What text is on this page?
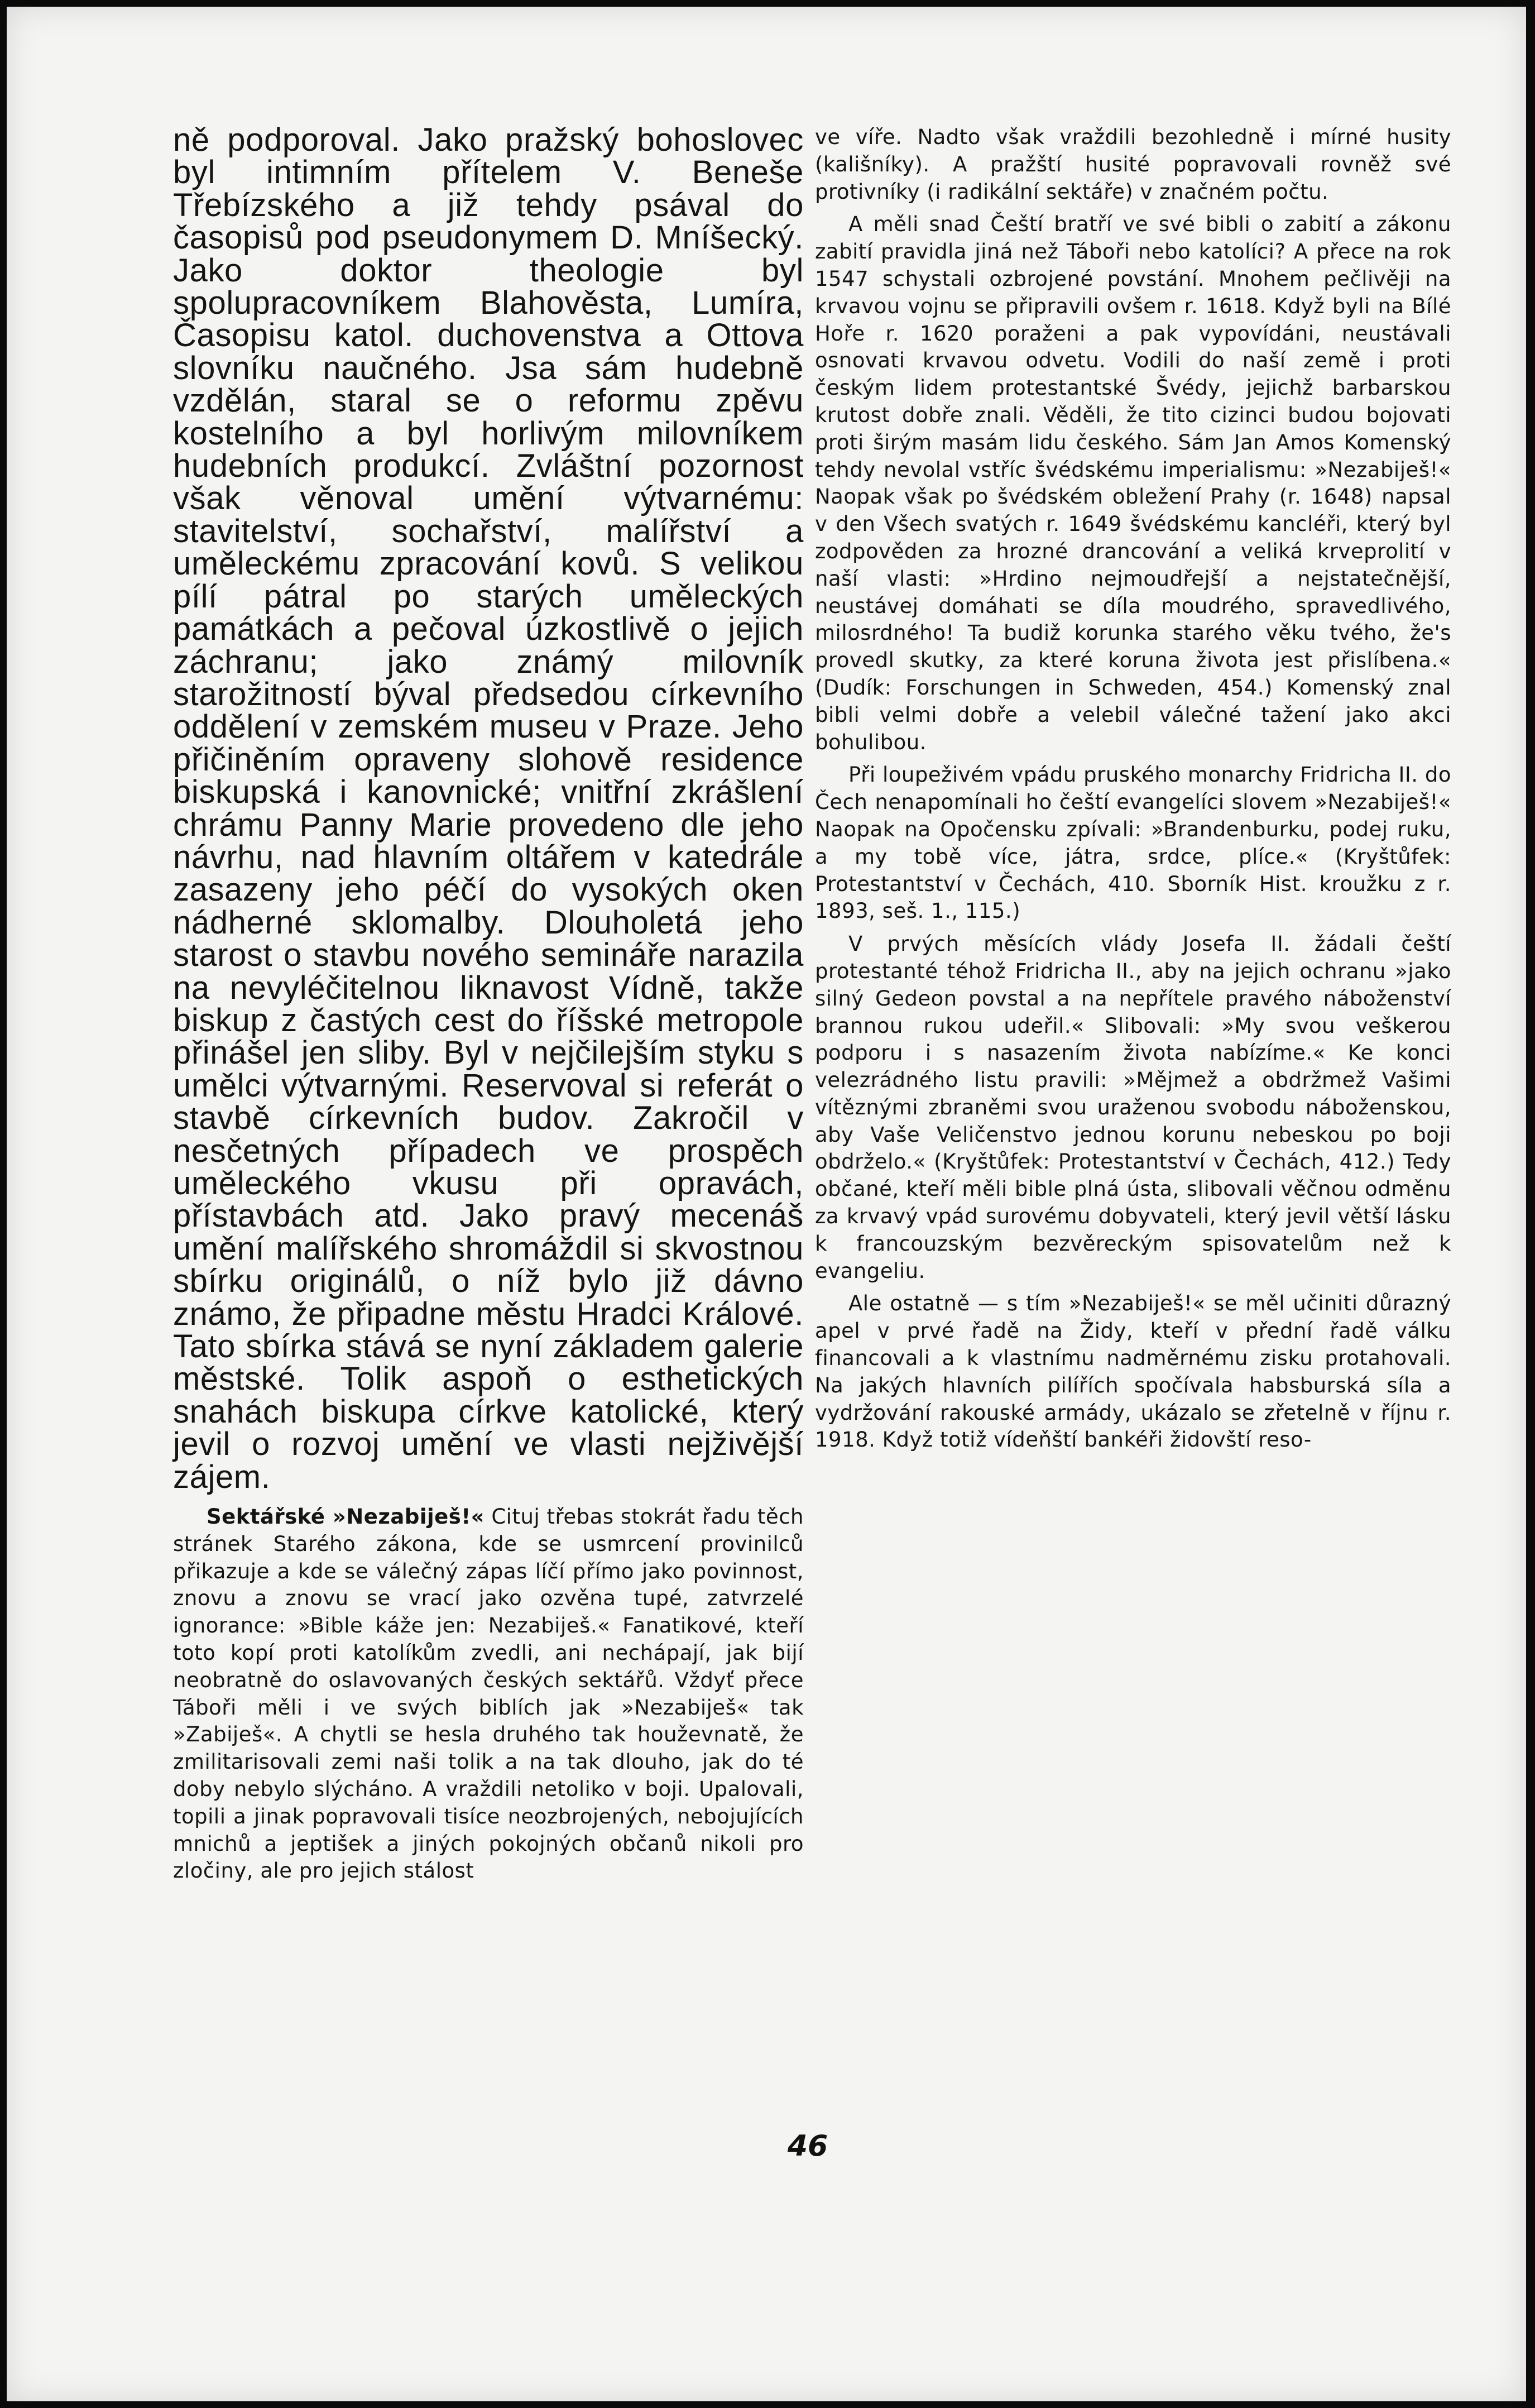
ně podporoval. Jako pražský bohoslovec byl intimním přítelem V. Beneše Třebízského a již tehdy psával do časopisů pod pseudonymem D. Mníšecký. Jako doktor theologie byl spolupracovníkem Blahověsta, Lumíra, Časopisu katol. duchovenstva a Ottova slovníku naučného. Jsa sám hudebně vzdělán, staral se o reformu zpěvu kostelního a byl horlivým milovníkem hudebních produkcí. Zvláštní pozornost však věnoval umění výtvarnému: stavitelství, sochařství, malířství a uměleckému zpracování kovů. S velikou pílí pátral po starých uměleckých památkách a pečoval úzkostlivě o jejich záchranu; jako známý milovník starožitností býval předsedou církevního oddělení v zemském museu v Praze. Jeho přičiněním opraveny slohově residence biskupská i kanovnické; vnitřní zkrášlení chrámu Panny Marie provedeno dle jeho návrhu, nad hlavním oltářem v katedrále zasazeny jeho péčí do vysokých oken nádherné sklomalby. Dlouholetá jeho starost o stavbu nového semináře narazila na nevyléčitelnou liknavost Vídně, takže biskup z častých cest do říšské metropole přinášel jen sliby. Byl v nejčilejším styku s umělci výtvarnými. Reservoval si referát o stavbě církevních budov. Zakročil v nesčetných případech ve prospěch uměleckého vkusu při opravách, přístavbách atd. Jako pravý mecenáš umění malířského shromáždil si skvostnou sbírku originálů, o níž bylo již dávno známo, že připadne městu Hradci Králové. Tato sbírka stává se nyní základem galerie městské. Tolik aspoň o esthetických snahách biskupa církve katolické, který jevil o rozvoj umění ve vlasti nejživější zájem.

Sektářské »Nezabiješ!« Cituj třebas stokrát řadu těch stránek Starého zákona, kde se usmrcení provinilců přikazuje a kde se válečný zápas líčí přímo jako povinnost, znovu a znovu se vrací jako ozvěna tupé, zatvrzelé ignorance: »Bible káže jen: Nezabiješ.« Fanatikové, kteří toto kopí proti katolíkům zvedli, ani nechápají, jak bijí neobratně do oslavovaných českých sektářů. Vždyť přece Táboři měli i ve svých biblích jak »Nezabiješ« tak »Zabiješ«. A chytli se hesla druhého tak houževnatě, že zmilitarisovali zemi naši tolik a na tak dlouho, jak do té doby nebylo slýcháno. A vraždili netoliko v boji. Upalovali, topili a jinak popravovali tisíce neozbrojených, nebojujících mnichů a jeptišek a jiných pokojných občanů nikoli pro zločiny, ale pro jejich stálost

ve víře. Nadto však vraždili bezohledně i mírné husity (kališníky). A pražští husité popravovali rovněž své protivníky (i radikální sektáře) v značném počtu.

A měli snad Čeští bratří ve své bibli o zabití a zákonu zabití pravidla jiná než Táboři nebo katolíci? A přece na rok 1547 schystali ozbrojené povstání. Mnohem pečlivěji na krvavou vojnu se připravili ovšem r. 1618. Když byli na Bílé Hoře r. 1620 poraženi a pak vypovídáni, neustávali osnovati krvavou odvetu. Vodili do naší země i proti českým lidem protestantské Švédy, jejichž barbarskou krutost dobře znali. Věděli, že tito cizinci budou bojovati proti širým masám lidu českého. Sám Jan Amos Komenský tehdy nevolal vstříc švédskému imperialismu: »Nezabiješ!« Naopak však po švédském obležení Prahy (r. 1648) napsal v den Všech svatých r. 1649 švédskému kancléři, který byl zodpověden za hrozné drancování a veliká krveprolití v naší vlasti: »Hrdino nejmoudřejší a nejstatečnější, neustávej domáhati se díla moudrého, spravedlivého, milosrdného! Ta budiž korunka starého věku tvého, že's provedl skutky, za které koruna života jest přislíbena.« (Dudík: Forschungen in Schweden, 454.) Komenský znal bibli velmi dobře a velebil válečné tažení jako akci bohulibou.

Při loupeživém vpádu pruského monarchy Fridricha II. do Čech nenapomínali ho čeští evangelíci slovem »Nezabiješ!« Naopak na Opočensku zpívali: »Brandenburku, podej ruku, a my tobě více, játra, srdce, plíce.« (Kryštůfek: Protestantství v Čechách, 410. Sborník Hist. kroužku z r. 1893, seš. 1., 115.)

V prvých měsících vlády Josefa II. žádali čeští protestanté téhož Fridricha II., aby na jejich ochranu »jako silný Gedeon povstal a na nepřítele pravého náboženství brannou rukou udeřil.« Slibovali: »My svou veškerou podporu i s nasazením života nabízíme.« Ke konci velezrádného listu pravili: »Mějmež a obdržmež Vašimi vítěznými zbraněmi svou uraženou svobodu náboženskou, aby Vaše Veličenstvo jednou korunu nebeskou po boji obdrželo.« (Kryštůfek: Protestantství v Čechách, 412.) Tedy občané, kteří měli bible plná ústa, slibovali věčnou odměnu za krvavý vpád surovému dobyvateli, který jevil větší lásku k francouzským bezvěreckým spisovatelům než k evangeliu.

Ale ostatně — s tím »Nezabiješ!« se měl učiniti důrazný apel v prvé řadě na Židy, kteří v přední řadě válku financovali a k vlastnímu nadměrnému zisku protahovali. Na jakých hlavních pilířích spočívala habsburská síla a vydržování rakouské armády, ukázalo se zřetelně v říjnu r. 1918. Když totiž vídeňští bankéři židovští reso-

46
